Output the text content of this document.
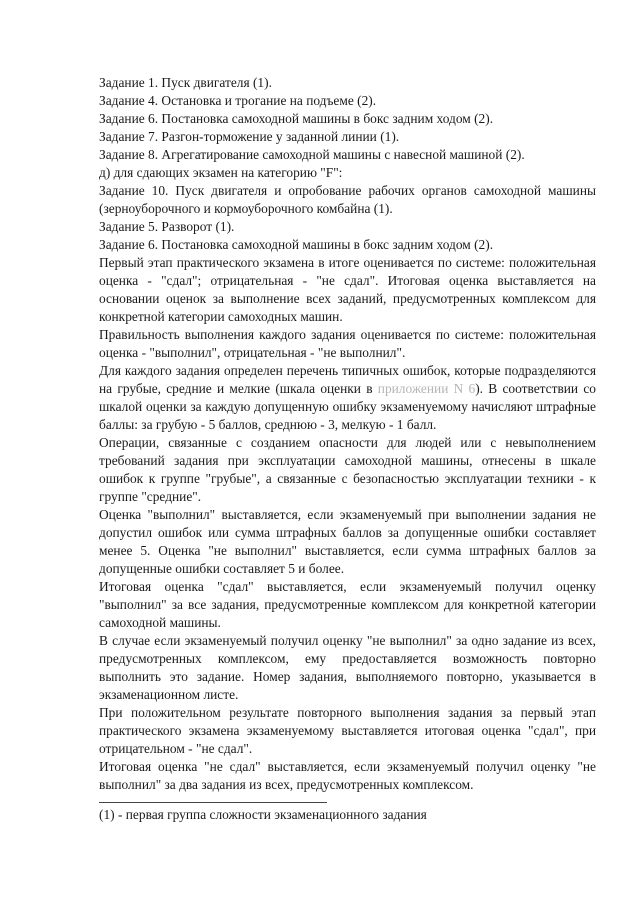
Задание 1. Пуск двигателя (1).

Задание 4. Остановка и трогание на подъеме (2).

Задание 6. Постановка самоходной машины в бокс задним ходом (2).

Задание 7. Разгон-торможение у заданной линии (1).

Задание 8. Агрегатирование самоходной машины с навесной машиной (2).

д) для сдающих экзамен на категорию "F":

Задание 10. Пуск двигателя и опробование рабочих органов самоходной машины (зерноуборочного и кормоуборочного комбайна (1).

Задание 5. Разворот (1).

Задание 6. Постановка самоходной машины в бокс задним ходом (2).

Первый этап практического экзамена в итоге оценивается по системе: положительная оценка - "сдал"; отрицательная - "не сдал". Итоговая оценка выставляется на основании оценок за выполнение всех заданий, предусмотренных комплексом для конкретной категории самоходных машин.

Правильность выполнения каждого задания оценивается по системе: положительная оценка - "выполнил", отрицательная - "не выполнил".

Для каждого задания определен перечень типичных ошибок, которые подразделяются на грубые, средние и мелкие (шкала оценки в приложении N 6). В соответствии со шкалой оценки за каждую допущенную ошибку экзаменуемому начисляют штрафные баллы: за грубую - 5 баллов, среднюю - 3, мелкую - 1 балл.

Операции, связанные с созданием опасности для людей или с невыполнением требований задания при эксплуатации самоходной машины, отнесены в шкале ошибок к группе "грубые", а связанные с безопасностью эксплуатации техники - к группе "средние".

Оценка "выполнил" выставляется, если экзаменуемый при выполнении задания не допустил ошибок или сумма штрафных баллов за допущенные ошибки составляет менее 5. Оценка "не выполнил" выставляется, если сумма штрафных баллов за допущенные ошибки составляет 5 и более.

Итоговая оценка "сдал" выставляется, если экзаменуемый получил оценку "выполнил" за все задания, предусмотренные комплексом для конкретной категории самоходной машины.

В случае если экзаменуемый получил оценку "не выполнил" за одно задание из всех, предусмотренных комплексом, ему предоставляется возможность повторно выполнить это задание. Номер задания, выполняемого повторно, указывается в экзаменационном листе.

При положительном результате повторного выполнения задания за первый этап практического экзамена экзаменуемому выставляется итоговая оценка "сдал", при отрицательном - "не сдал".

Итоговая оценка "не сдал" выставляется, если экзаменуемый получил оценку "не выполнил" за два задания из всех, предусмотренных комплексом.

(1) - первая группа сложности экзаменационного задания
